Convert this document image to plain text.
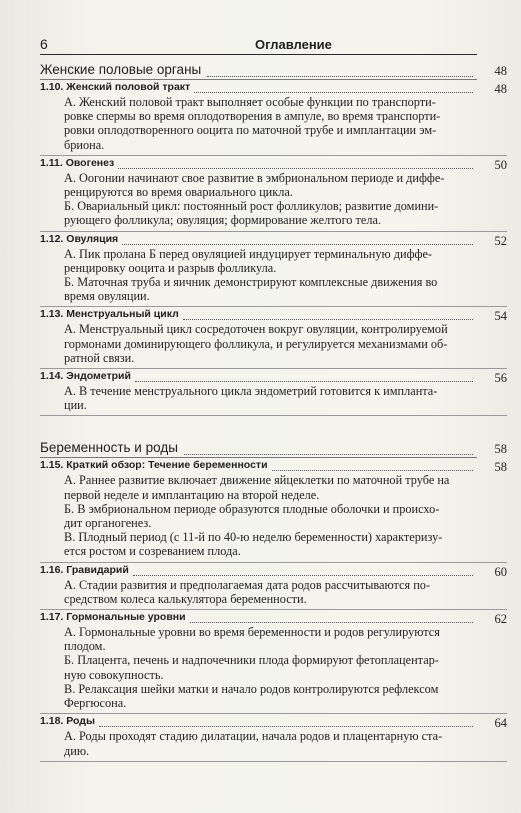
6	Оглавление
Женские половые органы	48
1.10. Женский половой тракт	48
А. Женский половой тракт выполняет особые функции по транспорти-
ровке спермы во время оплодотворения в ампуле, во время транспорти-
ровки оплодотворенного ооцита по маточной трубе и имплантации эм-
бриона.
1.11. Овогенез	50
А. Оогонии начинают свое развитие в эмбриональном периоде и диффе-
ренцируются во время овариального цикла.
Б. Овариальный цикл: постоянный рост фолликулов; развитие домини-
рующего фолликула; овуляция; формирование желтого тела.
1.12. Овуляция	52
А. Пик пролана Б перед овуляцией индуцирует терминальную диффе-
ренцировку ооцита и разрыв фолликула.
Б. Маточная труба и яичник демонстрируют комплексные движения во
время овуляции.
1.13. Менструальный цикл	54
А. Менструальный цикл сосредоточен вокруг овуляции, контролируемой
гормонами доминирующего фолликула, и регулируется механизмами об-
ратной связи.
1.14. Эндометрий	56
А. В течение менструального цикла эндометрий готовится к импланта-
ции.
Беременность и роды	58
1.15. Краткий обзор: Течение беременности	58
А. Раннее развитие включает движение яйцеклетки по маточной трубе на
первой неделе и имплантацию на второй неделе.
Б. В эмбриональном периоде образуются плодные оболочки и происхо-
дит органогенез.
В. Плодный период (с 11-й по 40-ю неделю беременности) характеризу-
ется ростом и созреванием плода.
1.16. Гравидарий	60
А. Стадии развития и предполагаемая дата родов рассчитываются по-
средством колеса калькулятора беременности.
1.17. Гормональные уровни	62
А. Гормональные уровни во время беременности и родов регулируются
плодом.
Б. Плацента, печень и надпочечники плода формируют фетоплацентар-
ную совокупность.
В. Релаксация шейки матки и начало родов контролируются рефлексом
Фергюсона.
1.18. Роды	64
А. Роды проходят стадию дилатации, начала родов и плацентарную ста-
дию.
